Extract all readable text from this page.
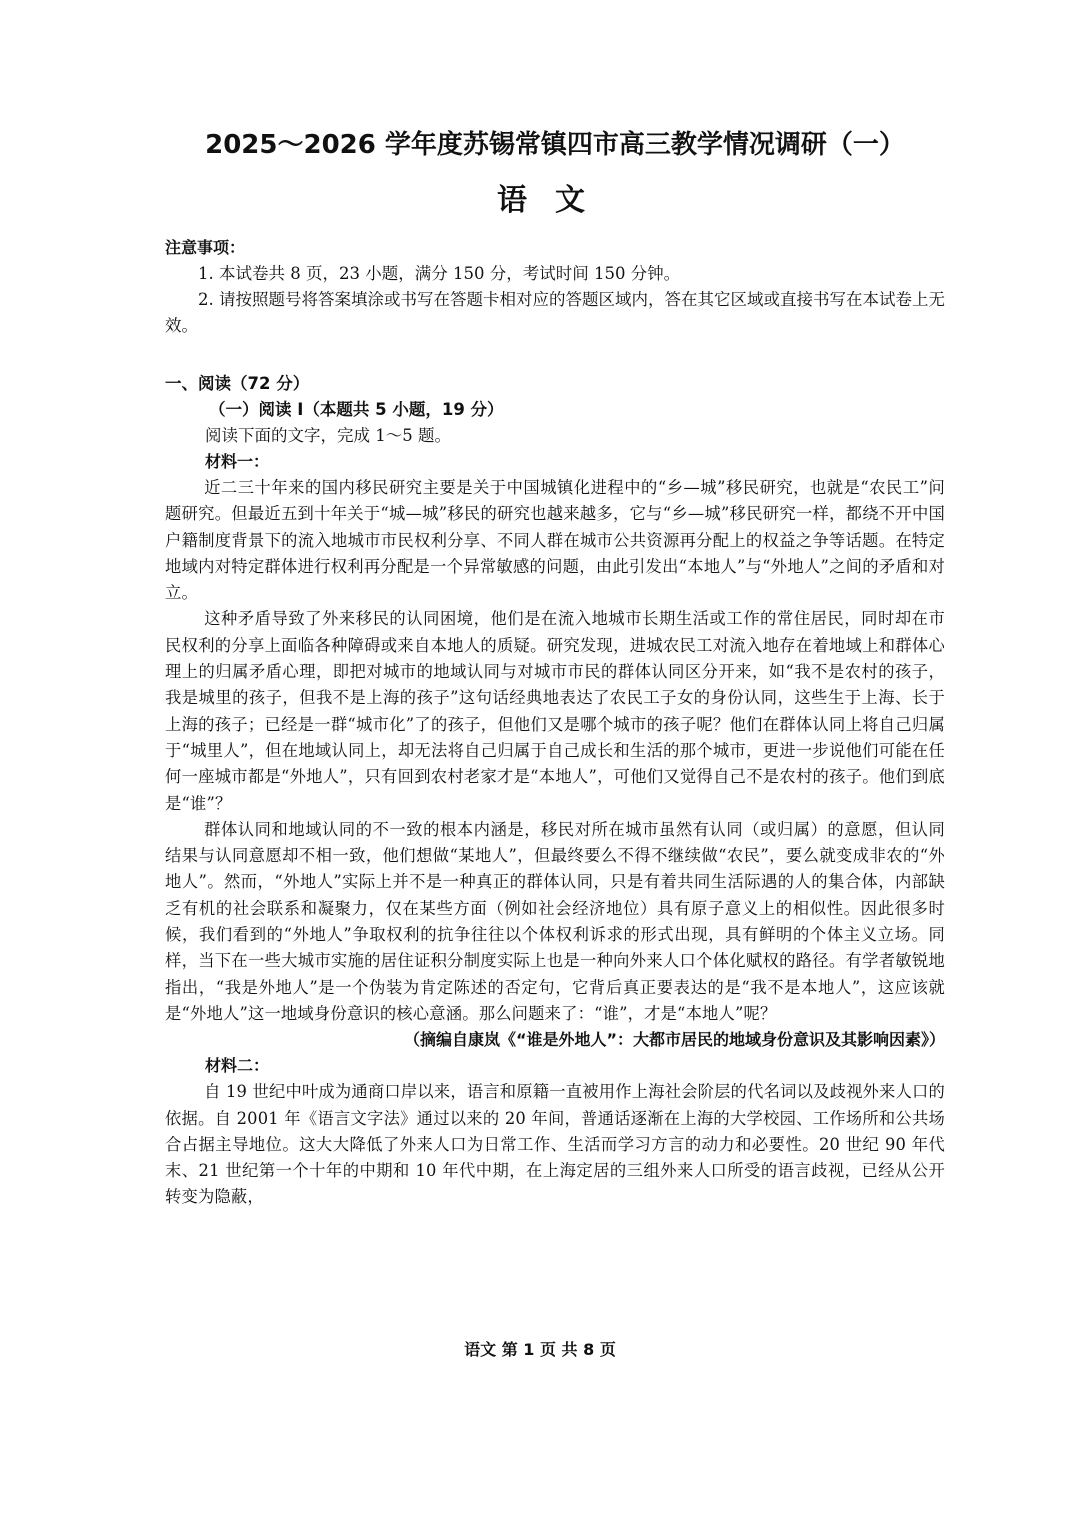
2025～2026 学年度苏锡常镇四市高三教学情况调研（一）
语文

注意事项：

1. 本试卷共 8 页，23 小题，满分 150 分，考试时间 150 分钟。

2. 请按照题号将答案填涂或书写在答题卡相对应的答题区域内，答在其它区域或直接书写在本试卷上无效。

一、阅读（72 分）

（一）阅读 I（本题共 5 小题，19 分）

阅读下面的文字，完成 1～5 题。

材料一：

近二三十年来的国内移民研究主要是关于中国城镇化进程中的“乡—城”移民研究，也就是“农民工”问题研究。但最近五到十年关于“城—城”移民的研究也越来越多，它与“乡—城”移民研究一样，都绕不开中国户籍制度背景下的流入地城市市民权利分享、不同人群在城市公共资源再分配上的权益之争等话题。在特定地域内对特定群体进行权利再分配是一个异常敏感的问题，由此引发出“本地人”与“外地人”之间的矛盾和对立。

这种矛盾导致了外来移民的认同困境，他们是在流入地城市长期生活或工作的常住居民，同时却在市民权利的分享上面临各种障碍或来自本地人的质疑。研究发现，进城农民工对流入地存在着地域上和群体心理上的归属矛盾心理，即把对城市的地域认同与对城市市民的群体认同区分开来，如“我不是农村的孩子，我是城里的孩子，但我不是上海的孩子”这句话经典地表达了农民工子女的身份认同，这些生于上海、长于上海的孩子；已经是一群“城市化”了的孩子，但他们又是哪个城市的孩子呢？他们在群体认同上将自己归属于“城里人”，但在地域认同上，却无法将自己归属于自己成长和生活的那个城市，更进一步说他们可能在任何一座城市都是“外地人”，只有回到农村老家才是“本地人”，可他们又觉得自己不是农村的孩子。他们到底是“谁”？

群体认同和地域认同的不一致的根本内涵是，移民对所在城市虽然有认同（或归属）的意愿，但认同结果与认同意愿却不相一致，他们想做“某地人”，但最终要么不得不继续做“农民”，要么就变成非农的“外地人”。然而，“外地人”实际上并不是一种真正的群体认同，只是有着共同生活际遇的人的集合体，内部缺乏有机的社会联系和凝聚力，仅在某些方面（例如社会经济地位）具有原子意义上的相似性。因此很多时候，我们看到的“外地人”争取权利的抗争往往以个体权利诉求的形式出现，具有鲜明的个体主义立场。同样，当下在一些大城市实施的居住证积分制度实际上也是一种向外来人口个体化赋权的路径。有学者敏锐地指出，“我是外地人”是一个伪装为肯定陈述的否定句，它背后真正要表达的是“我不是本地人”，这应该就是“外地人”这一地域身份意识的核心意涵。那么问题来了：“谁”，才是“本地人”呢？

（摘编自康岚《“谁是外地人”：大都市居民的地域身份意识及其影响因素》）

材料二：

自 19 世纪中叶成为通商口岸以来，语言和原籍一直被用作上海社会阶层的代名词以及歧视外来人口的依据。自 2001 年《语言文字法》通过以来的 20 年间，普通话逐渐在上海的大学校园、工作场所和公共场合占据主导地位。这大大降低了外来人口为日常工作、生活而学习方言的动力和必要性。20 世纪 90 年代末、21 世纪第一个十年的中期和 10 年代中期，在上海定居的三组外来人口所受的语言歧视，已经从公开转变为隐蔽，

语文 第 1 页 共 8 页
